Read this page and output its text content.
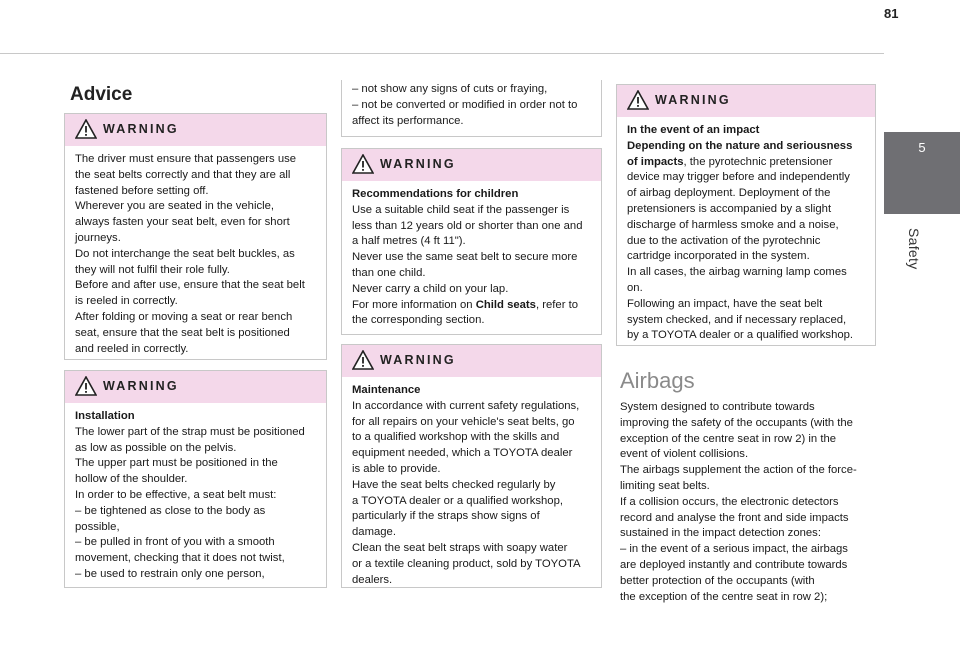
81
5
Safety
Advice
WARNING
The driver must ensure that passengers use
the seat belts correctly and that they are all
fastened before setting off.
Wherever you are seated in the vehicle,
always fasten your seat belt, even for short
journeys.
Do not interchange the seat belt buckles, as
they will not fulfil their role fully.
Before and after use, ensure that the seat belt
is reeled in correctly.
After folding or moving a seat or rear bench
seat, ensure that the seat belt is positioned
and reeled in correctly.
WARNING
Installation
The lower part of the strap must be positioned
as low as possible on the pelvis.
The upper part must be positioned in the
hollow of the shoulder.
In order to be effective, a seat belt must:
– be tightened as close to the body as
possible,
– be pulled in front of you with a smooth
movement, checking that it does not twist,
– be used to restrain only one person,
– not show any signs of cuts or fraying,
– not be converted or modified in order not to
affect its performance.
WARNING
Recommendations for children
Use a suitable child seat if the passenger is
less than 12 years old or shorter than one and
a half metres (4 ft 11").
Never use the same seat belt to secure more
than one child.
Never carry a child on your lap.
For more information on Child seats, refer to
the corresponding section.
WARNING
Maintenance
In accordance with current safety regulations,
for all repairs on your vehicle's seat belts, go
to a qualified workshop with the skills and
equipment needed, which a TOYOTA dealer
is able to provide.
Have the seat belts checked regularly by
a TOYOTA dealer or a qualified workshop,
particularly if the straps show signs of
damage.
Clean the seat belt straps with soapy water
or a textile cleaning product, sold by TOYOTA
dealers.
WARNING
In the event of an impact
Depending on the nature and seriousness
of impacts, the pyrotechnic pretensioner
device may trigger before and independently
of airbag deployment. Deployment of the
pretensioners is accompanied by a slight
discharge of harmless smoke and a noise,
due to the activation of the pyrotechnic
cartridge incorporated in the system.
In all cases, the airbag warning lamp comes
on.
Following an impact, have the seat belt
system checked, and if necessary replaced,
by a TOYOTA dealer or a qualified workshop.
Airbags
System designed to contribute towards
improving the safety of the occupants (with the
exception of the centre seat in row 2) in the
event of violent collisions.
The airbags supplement the action of the force-
limiting seat belts.
If a collision occurs, the electronic detectors
record and analyse the front and side impacts
sustained in the impact detection zones:
– in the event of a serious impact, the airbags
are deployed instantly and contribute towards
better protection of the occupants (with
the exception of the centre seat in row 2);
